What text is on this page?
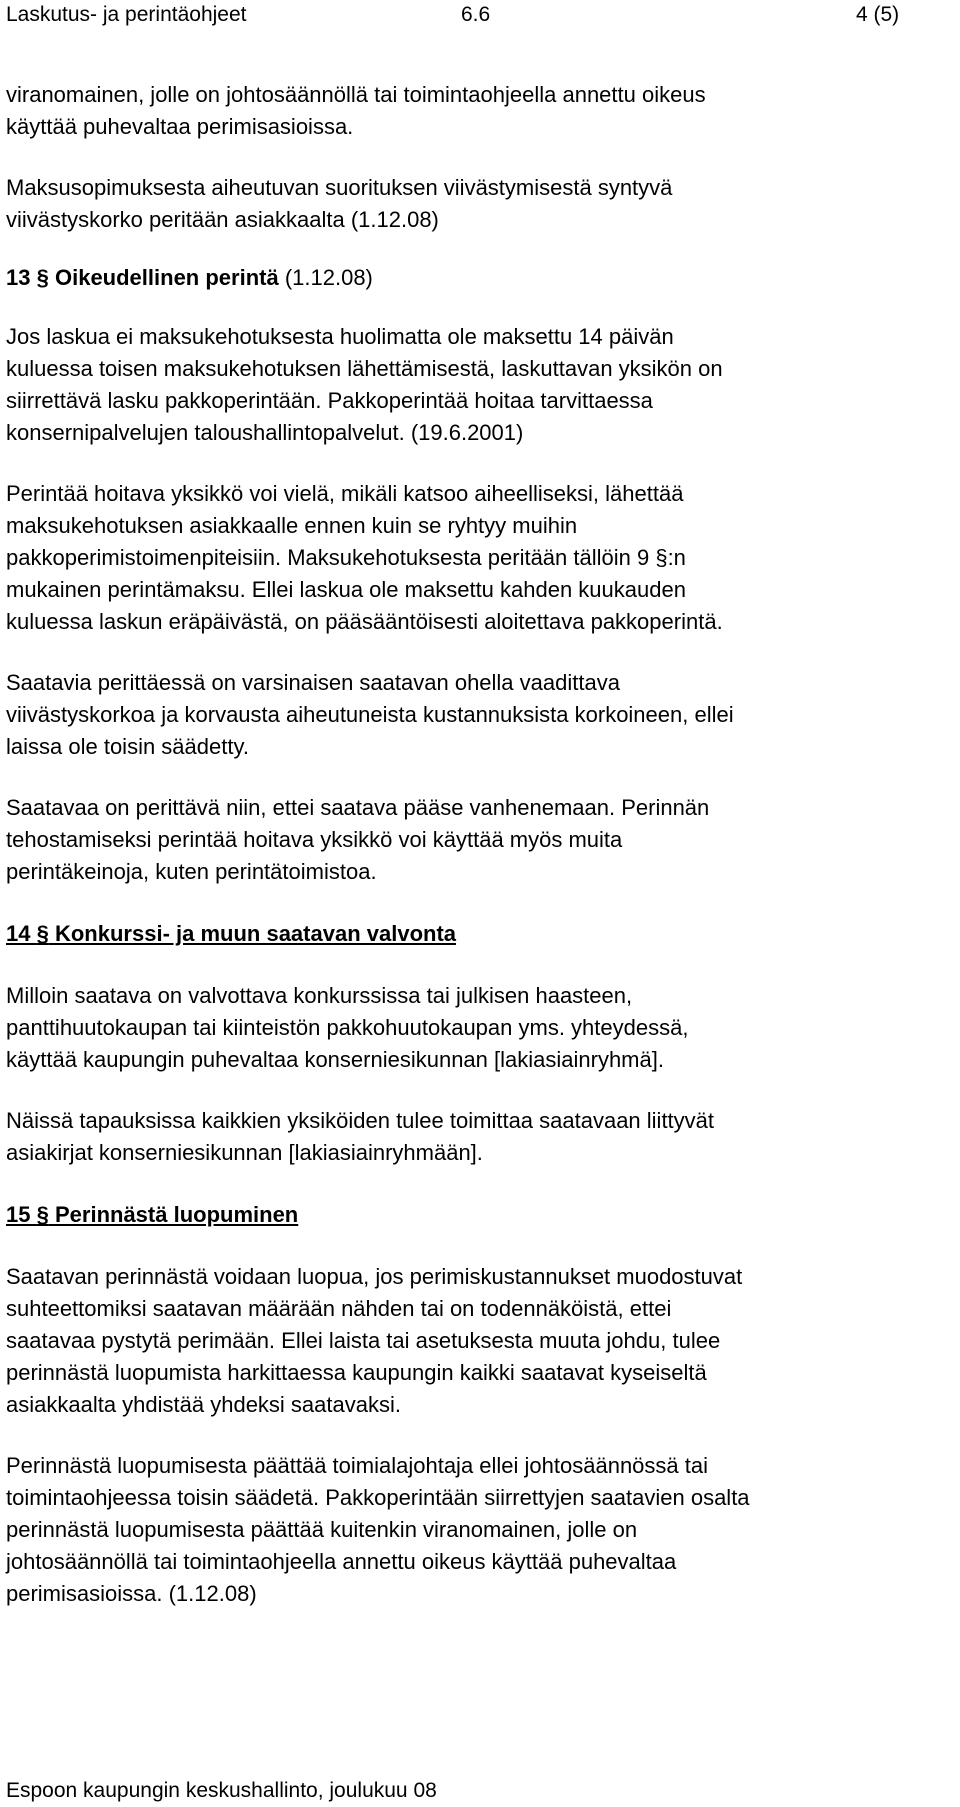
Laskutus- ja perintäohjeet	6.6	4 (5)

viranomainen, jolle on johtosäännöllä tai toimintaohjeella annettu oikeus
käyttää puhevaltaa perimisasioissa.

Maksusopimuksesta aiheutuvan suorituksen viivästymisestä syntyvä
viivästyskorko peritään asiakkaalta (1.12.08)

13 § Oikeudellinen perintä (1.12.08)

Jos laskua ei maksukehotuksesta huolimatta ole maksettu 14 päivän
kuluessa toisen maksukehotuksen lähettämisestä, laskuttavan yksikön on
siirrettävä lasku pakkoperintään. Pakkoperintää hoitaa tarvittaessa
konsernipalvelujen taloushallintopalvelut. (19.6.2001)

Perintää hoitava yksikkö voi vielä, mikäli katsoo aiheelliseksi, lähettää
maksukehotuksen asiakkaalle ennen kuin se ryhtyy muihin
pakkoperimistoimenpiteisiin. Maksukehotuksesta peritään tällöin 9 §:n
mukainen perintämaksu. Ellei laskua ole maksettu kahden kuukauden
kuluessa laskun eräpäivästä, on pääsääntöisesti aloitettava pakkoperintä.

Saatavia perittäessä on varsinaisen saatavan ohella vaadittava
viivästyskorkoa ja korvausta aiheutuneista kustannuksista korkoineen, ellei
laissa ole toisin säädetty.

Saatavaa on perittävä niin, ettei saatava pääse vanhenemaan. Perinnän
tehostamiseksi perintää hoitava yksikkö voi käyttää myös muita
perintäkeinoja, kuten perintätoimistoa.

14 § Konkurssi- ja muun saatavan valvonta

Milloin saatava on valvottava konkurssissa tai julkisen haasteen,
panttihuutokaupan tai kiinteistön pakkohuutokaupan yms. yhteydessä,
käyttää kaupungin puhevaltaa konserniesikunnan [lakiasiainryhmä].

Näissä tapauksissa kaikkien yksiköiden tulee toimittaa saatavaan liittyvät
asiakirjat konserniesikunnan [lakiasiainryhmään].

15 § Perinnästä luopuminen

Saatavan perinnästä voidaan luopua, jos perimiskustannukset muodostuvat
suhteettomiksi saatavan määrään nähden tai on todennäköistä, ettei
saatavaa pystytä perimään. Ellei laista tai asetuksesta muuta johdu, tulee
perinnästä luopumista harkittaessa kaupungin kaikki saatavat kyseiseltä
asiakkaalta yhdistää yhdeksi saatavaksi.

Perinnästä luopumisesta päättää toimialajohtaja ellei johtosäännössä tai
toimintaohjeessa toisin säädetä. Pakkoperintään siirrettyjen saatavien osalta
perinnästä luopumisesta päättää kuitenkin viranomainen, jolle on
johtosäännöllä tai toimintaohjeella annettu oikeus käyttää puhevaltaa
perimisasioissa. (1.12.08)

Espoon kaupungin keskushallinto, joulukuu 08
